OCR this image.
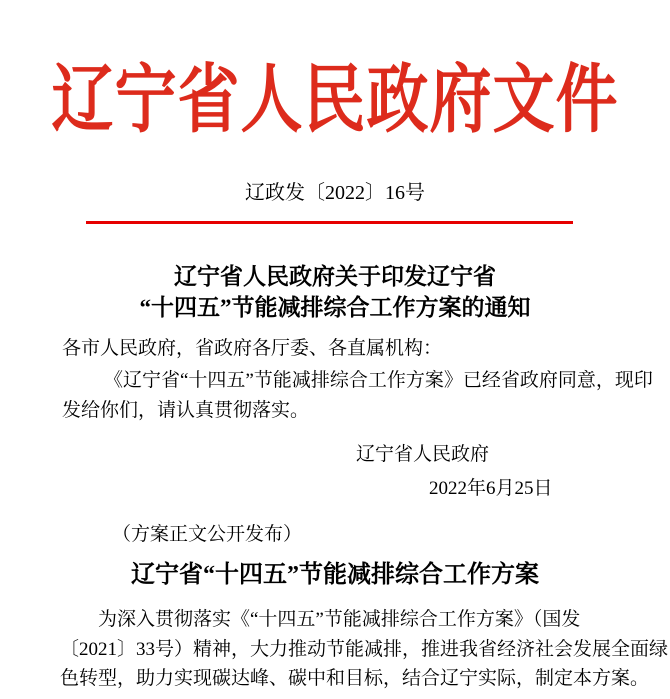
辽宁省人民政府文件
辽政发〔2022〕16号
辽宁省人民政府关于印发辽宁省
“十四五”节能减排综合工作方案的通知
各市人民政府，省政府各厅委、各直属机构：
《辽宁省“十四五”节能减排综合工作方案》已经省政府同意，现印
发给你们，请认真贯彻落实。
辽宁省人民政府
2022年6月25日
（方案正文公开发布）
辽宁省“十四五”节能减排综合工作方案
为深入贯彻落实《“十四五”节能减排综合工作方案》（国发
〔2021〕33号）精神，大力推动节能减排，推进我省经济社会发展全面绿
色转型，助力实现碳达峰、碳中和目标，结合辽宁实际，制定本方案。
